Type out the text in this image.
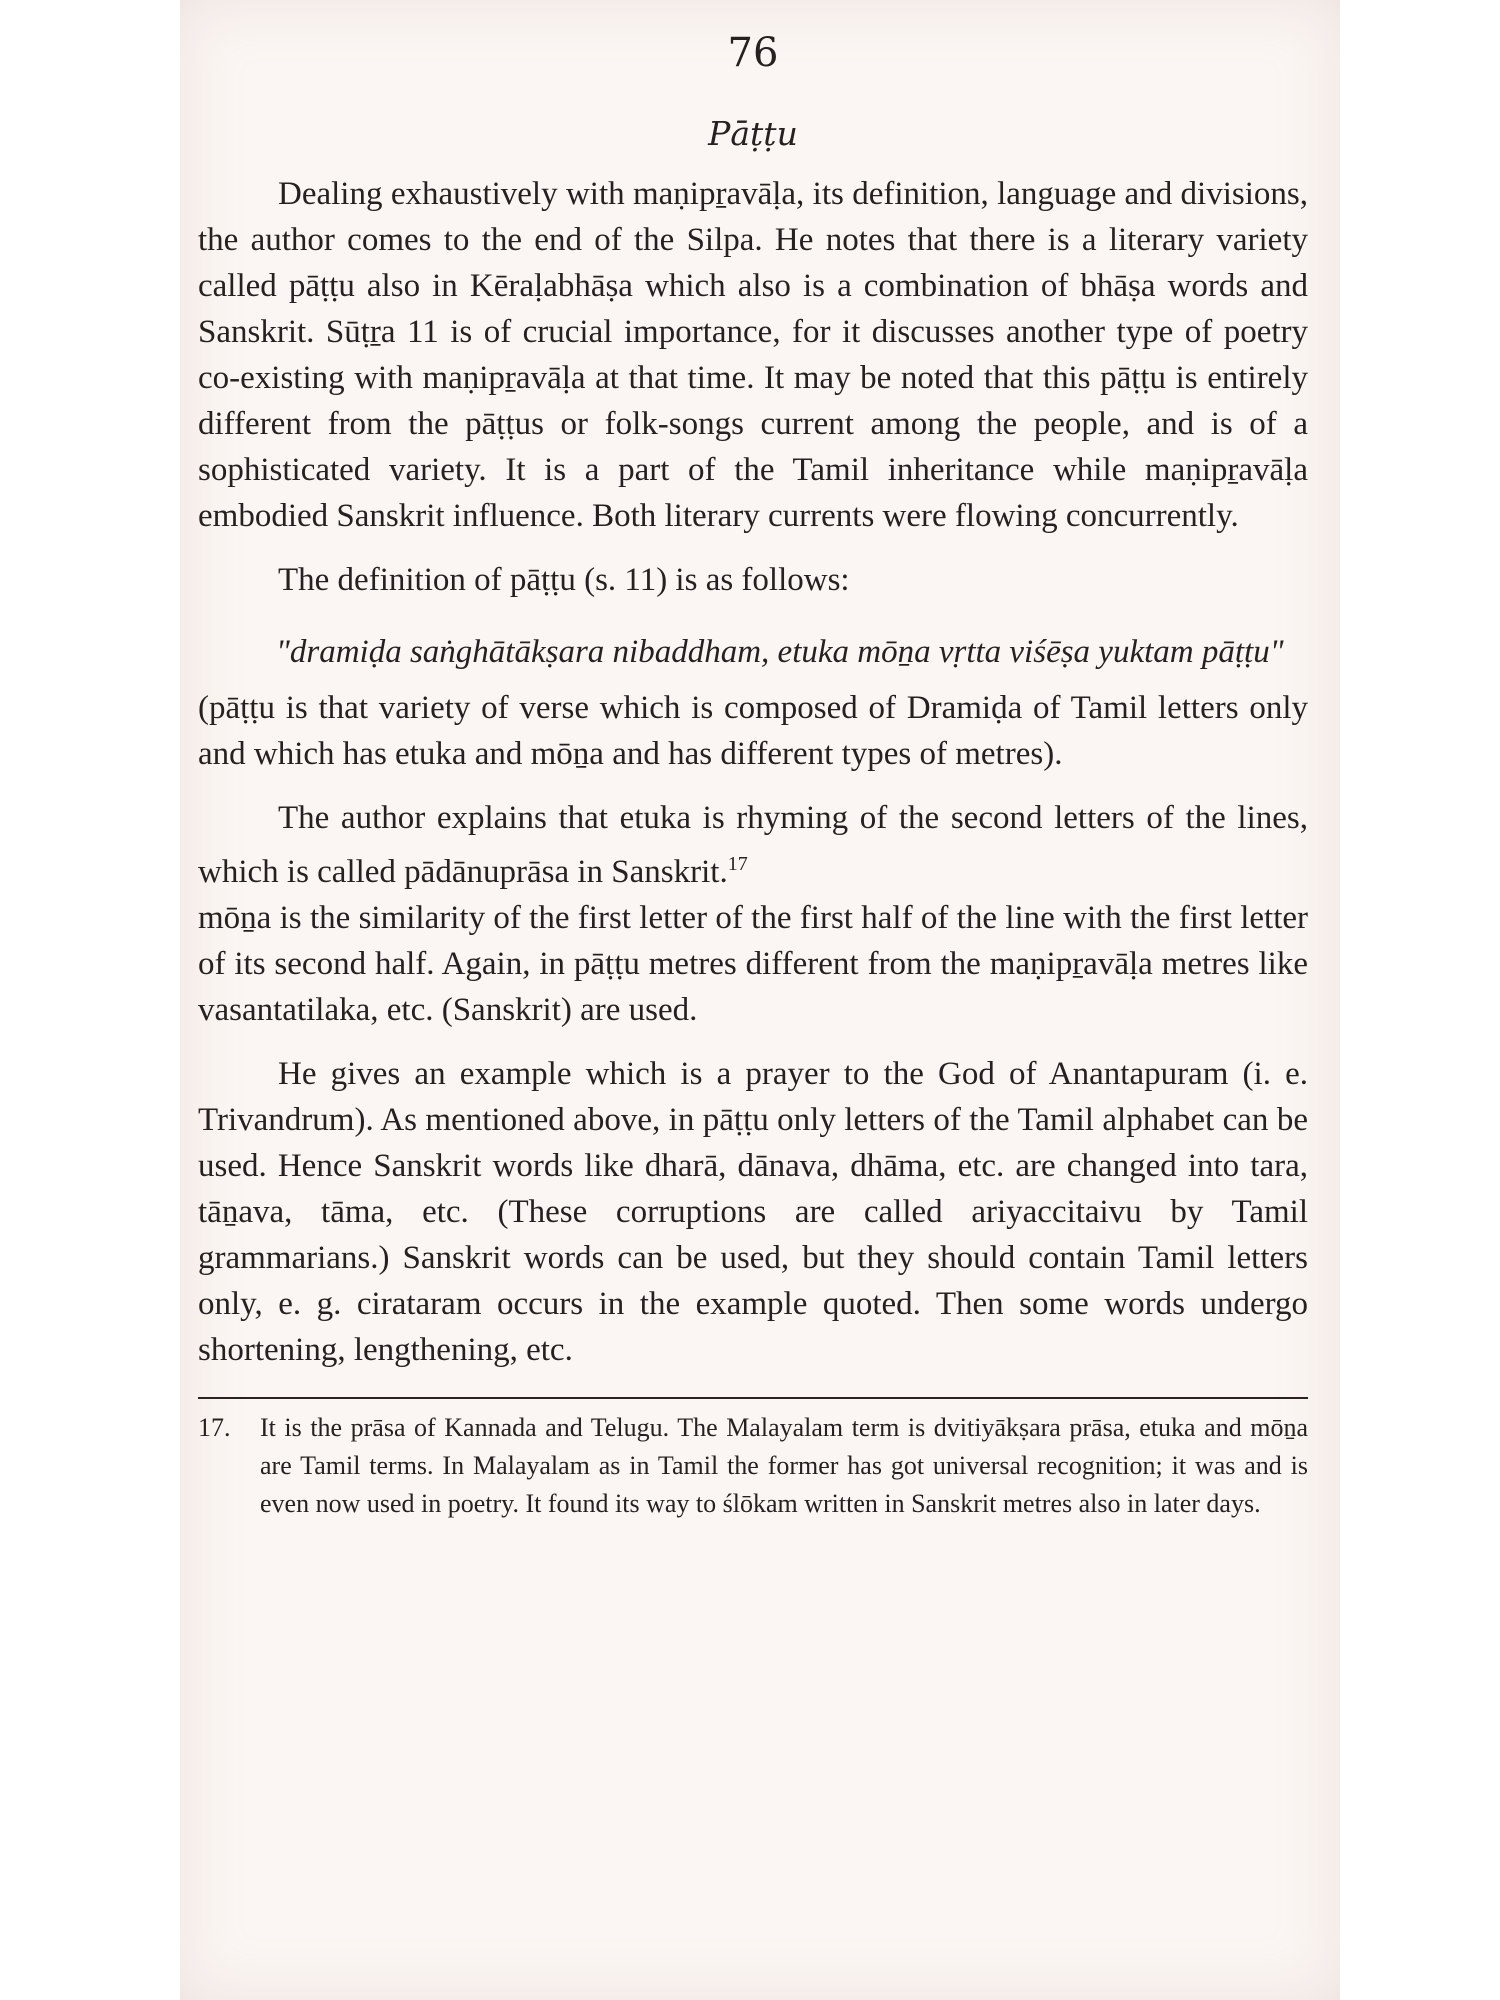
76
Pāṭṭu

Dealing exhaustively with maṇipṟavāḷa, its definition, language and divisions, the author comes to the end of the Silpa. He notes that there is a literary variety called pāṭṭu also in Kēraḷabhāṣa which also is a combination of bhāṣa words and Sanskrit. Sūṭṟa 11 is of crucial importance, for it discusses another type of poetry co-existing with maṇipṟavāḷa at that time. It may be noted that this pāṭṭu is entirely different from the pāṭṭus or folk-songs current among the people, and is of a sophisticated variety. It is a part of the Tamil inheritance while maṇipṟavāḷa embodied Sanskrit influence. Both literary currents were flowing concurrently.

The definition of pāṭṭu (s. 11) is as follows:

"dramiḍa saṅghātākṣara nibaddham, etuka mōṉa vṛtta viśēṣa yuktam pāṭṭu"

(pāṭṭu is that variety of verse which is composed of Dramiḍa of Tamil letters only and which has etuka and mōṉa and has different types of metres).

The author explains that etuka is rhyming of the second letters of the lines, which is called pādānuprāsa in Sanskrit.$^{17}$

mōṉa is the similarity of the first letter of the first half of the line with the first letter of its second half. Again, in pāṭṭu metres different from the maṇipṟavāḷa metres like vasantatilaka, etc. (Sanskrit) are used.

He gives an example which is a prayer to the God of Anantapuram (i. e. Trivandrum). As mentioned above, in pāṭṭu only letters of the Tamil alphabet can be used. Hence Sanskrit words like dharā, dānava, dhāma, etc. are changed into tara, tāṉava, tāma, etc. (These corruptions are called ariyaccitaivu by Tamil grammarians.) Sanskrit words can be used, but they should contain Tamil letters only, e. g. cirataram occurs in the example quoted. Then some words undergo shortening, lengthening, etc.

17.	It is the prāsa of Kannada and Telugu. The Malayalam term is dvitiyākṣara prāsa, etuka and mōṉa are Tamil terms. In Malayalam as in Tamil the former has got universal recognition; it was and is even now used in poetry. It found its way to ślōkam written in Sanskrit metres also in later days.
